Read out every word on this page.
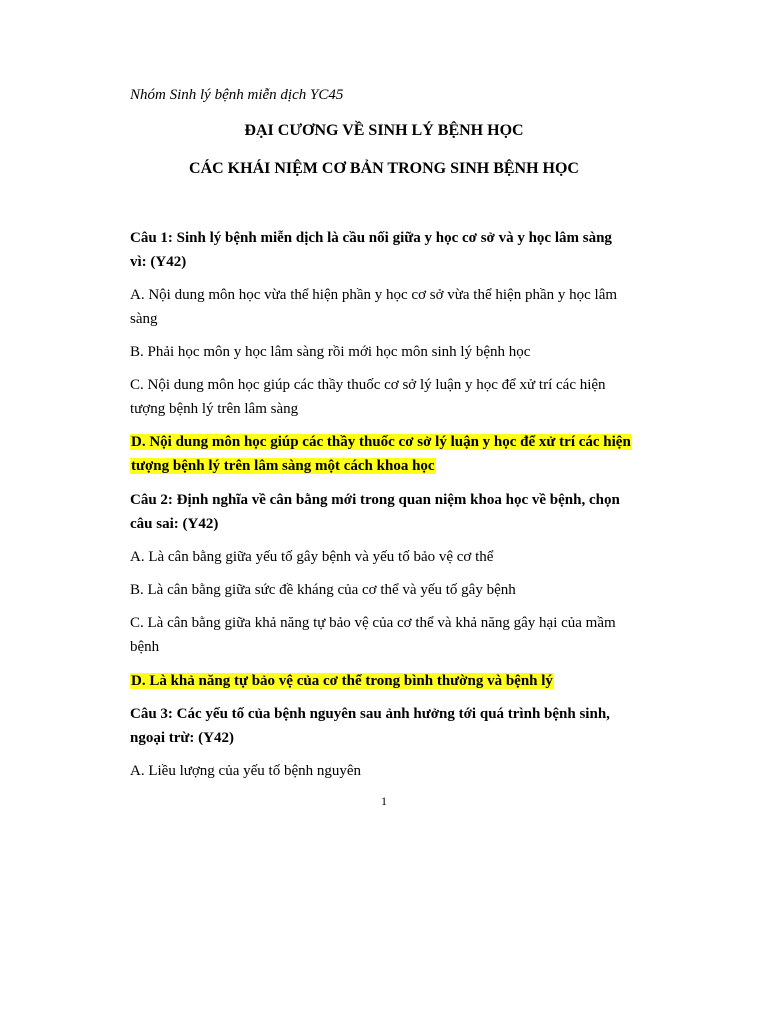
Nhóm Sinh lý bệnh miễn dịch YC45
ĐẠI CƯƠNG VỀ SINH LÝ BỆNH HỌC
CÁC KHÁI NIỆM CƠ BẢN TRONG SINH BỆNH HỌC
Câu 1: Sinh lý bệnh miễn dịch là cầu nối giữa y học cơ sở và y học lâm sàng
vì: (Y42)
A. Nội dung môn học vừa thể hiện phần y học cơ sở vừa thể hiện phần y học lâm
sàng
B. Phải học môn y học lâm sàng rồi mới học môn sinh lý bệnh học
C. Nội dung môn học giúp các thầy thuốc cơ sở lý luận y học để xử trí các hiện
tượng bệnh lý trên lâm sàng
D. Nội dung môn học giúp các thầy thuốc cơ sở lý luận y học để xử trí các hiện
tượng bệnh lý trên lâm sàng một cách khoa học
Câu 2: Định nghĩa về cân bằng mới trong quan niệm khoa học về bệnh, chọn
câu sai: (Y42)
A. Là cân bằng giữa yếu tố gây bệnh và yếu tố bảo vệ cơ thể
B. Là cân bằng giữa sức đề kháng của cơ thể và yếu tố gây bệnh
C. Là cân bằng giữa khả năng tự bảo vệ của cơ thể và khả năng gây hại của mầm
bệnh
D. Là khả năng tự bảo vệ của cơ thể trong bình thường và bệnh lý
Câu 3: Các yếu tố của bệnh nguyên sau ảnh hưởng tới quá trình bệnh sinh,
ngoại trừ: (Y42)
A. Liều lượng của yếu tố bệnh nguyên
1
